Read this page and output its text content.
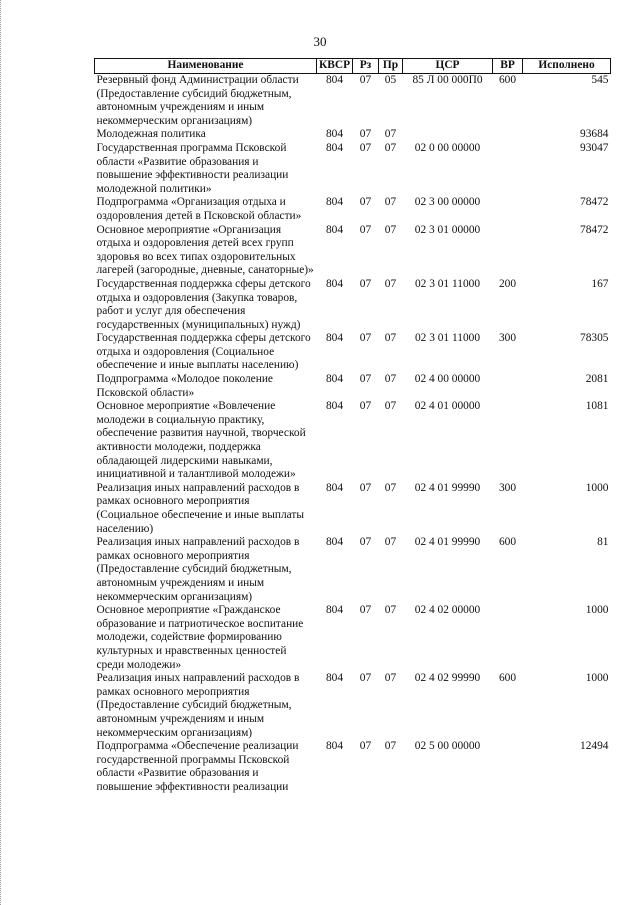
30
Наименование	КВСР	Рз	Пр	ЦСР	ВР	Исполнено
Резервный фонд Администрации области (Предоставление субсидий бюджетным, автономным учреждениям и иным некоммерческим организациям)	804	07	05	85 Л 00 000П0	600	545
Молодежная политика	804	07	07			93684
Государственная программа Псковской области «Развитие образования и повышение эффективности реализации молодежной политики»	804	07	07	02 0 00 00000		93047
Подпрограмма «Организация отдыха и оздоровления детей в Псковской области»	804	07	07	02 3 00 00000		78472
Основное мероприятие «Организация отдыха и оздоровления детей всех групп здоровья во всех типах оздоровительных лагерей (загородные, дневные, санаторные)»	804	07	07	02 3 01 00000		78472
Государственная поддержка сферы детского отдыха и оздоровления (Закупка товаров, работ и услуг для обеспечения государственных (муниципальных) нужд)	804	07	07	02 3 01 11000	200	167
Государственная поддержка сферы детского отдыха и оздоровления (Социальное обеспечение и иные выплаты населению)	804	07	07	02 3 01 11000	300	78305
Подпрограмма «Молодое поколение Псковской области»	804	07	07	02 4 00 00000		2081
Основное мероприятие «Вовлечение молодежи в социальную практику, обеспечение развития научной, творческой активности молодежи, поддержка обладающей лидерскими навыками, инициативной и талантливой молодежи»	804	07	07	02 4 01 00000		1081
Реализация иных направлений расходов в рамках основного мероприятия (Социальное обеспечение и иные выплаты населению)	804	07	07	02 4 01 99990	300	1000
Реализация иных направлений расходов в рамках основного мероприятия (Предоставление субсидий бюджетным, автономным учреждениям и иным некоммерческим организациям)	804	07	07	02 4 01 99990	600	81
Основное мероприятие «Гражданское образование и патриотическое воспитание молодежи, содействие формированию культурных и нравственных ценностей среди молодежи»	804	07	07	02 4 02 00000		1000
Реализация иных направлений расходов в рамках основного мероприятия (Предоставление субсидий бюджетным, автономным учреждениям и иным некоммерческим организациям)	804	07	07	02 4 02 99990	600	1000
Подпрограмма «Обеспечение реализации государственной программы Псковской области «Развитие образования и повышение эффективности реализации	804	07	07	02 5 00 00000		12494
